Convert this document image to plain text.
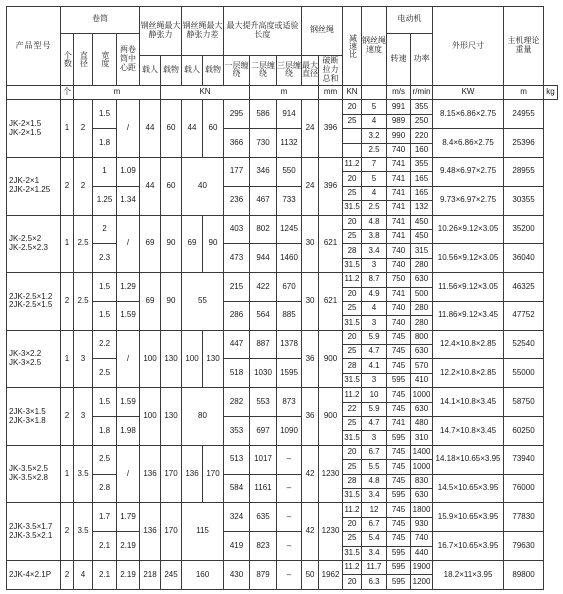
产品型号	卷筒				钢丝绳最大静张力		钢丝绳最大静张力差		最大提升高度或适验长度			钢丝绳		减速比	钢丝绳速度	电动机		外形尺寸	主机理论重量	
	个数	直径	宽度	两卷筒中心距												转速	功率			
					载人	载物	载人	载物	一层缠绕	二层缠绕	三层缠绕	最大直径	破断拉力总和							
	个	m				KN				m			mm	KN		m/s	r/min	KW	m	kg

JK-2×1.5
JK-2×1.5	1	2	1.5	/	44	60	44	60	295	586	914	24	396	20	5	991	355	8.15×6.86×2.75	24955	
														25	4	989	250			
			1.8						366	730	1132				3.2	990	220	8.4×6.86×2.75	25396	
															2.5	740	160			

2JK-2×1
2JK-2×1.25	2	2	1	1.09	44	60	40		177	346	550	24	396	11.2	7	741	355	9.48×6.97×2.75	28955	
														20	5	741	165			
			1.25	1.34					236	467	733			25	4	741	165	9.73×6.97×2.75	30355	
														31.5	2.5	741	132			

JK-2.5×2
JK-2.5×2.3	1	2.5	2	/	69	90	69	90	403	802	1245	30	621	20	4.8	741	450	10.26×9.12×3.05	35200	
														25	3.8	741	450			
			2.3						473	944	1460			28	3.4	740	315	10.56×9.12×3.05	36040	
														31.5	3	740	280			

2JK-2.5×1.2
2JK-2.5×1.5	2	2.5	1.5	1.29	69	90	55		215	422	670	30	621	11.2	8.7	750	630	11.56×9.12×3.05	46325	
														20	4.9	741	500			
			1.5	1.59					286	564	885			25	4	740	280	11.86×9.12×3.45	47752	
														31.5	3	740	280			

JK-3×2.2
JK-3×2.5	1	3	2.2	/	100	130	100	130	447	887	1378	36	900	20	5.9	745	800	12.4×10.8×2.85	52540	
														25	4.7	745	630			
			2.5						518	1030	1595			28	4.1	745	570	12.2×10.8×2.85	55000	
														31.5	3	595	410			

2JK-3×1.5
2JK-3×1.8	2	3	1.5	1.59	100	130	80		282	553	873	36	900	11.2	10	745	1000	14.1×10.8×3.45	58750	
														22	5.9	745	630			
			1.8	1.98					353	697	1090			25	4.7	741	480	14.7×10.8×3.45	60250	
														31.5	3	595	310			

JK-3.5×2.5
JK-3.5×2.8	1	3.5	2.5	/	136	170	136	170	513	1017	–	42	1230	20	6.7	745	1400	14.18×10.65×3.95	73940	
														25	5.5	745	1000			
			2.8						584	1161	–			28	4.8	745	830	14.5×10.65×3.95	76000	
														31.5	3.4	595	630			

2JK-3.5×1.7
2JK-3.5×2.1	2	3.5	1.7	1.79	136	170	115		324	635	–	42	1230	11.2	12	745	1800	15.9×10.65×3.95	77830	
														20	6.7	745	930			
			2.1	2.19					419	823	–			25	5.4	745	740	16.7×10.65×3.95	79630	
														31.5	3.4	595	440			

2JK-4×2.1P	2	4	2.1	2.19	218	245	160		430	879	–	50	1962	11.2	11.7	595	1900	18.2×11×3.95	89800	
														20	6.3	595	1200			
